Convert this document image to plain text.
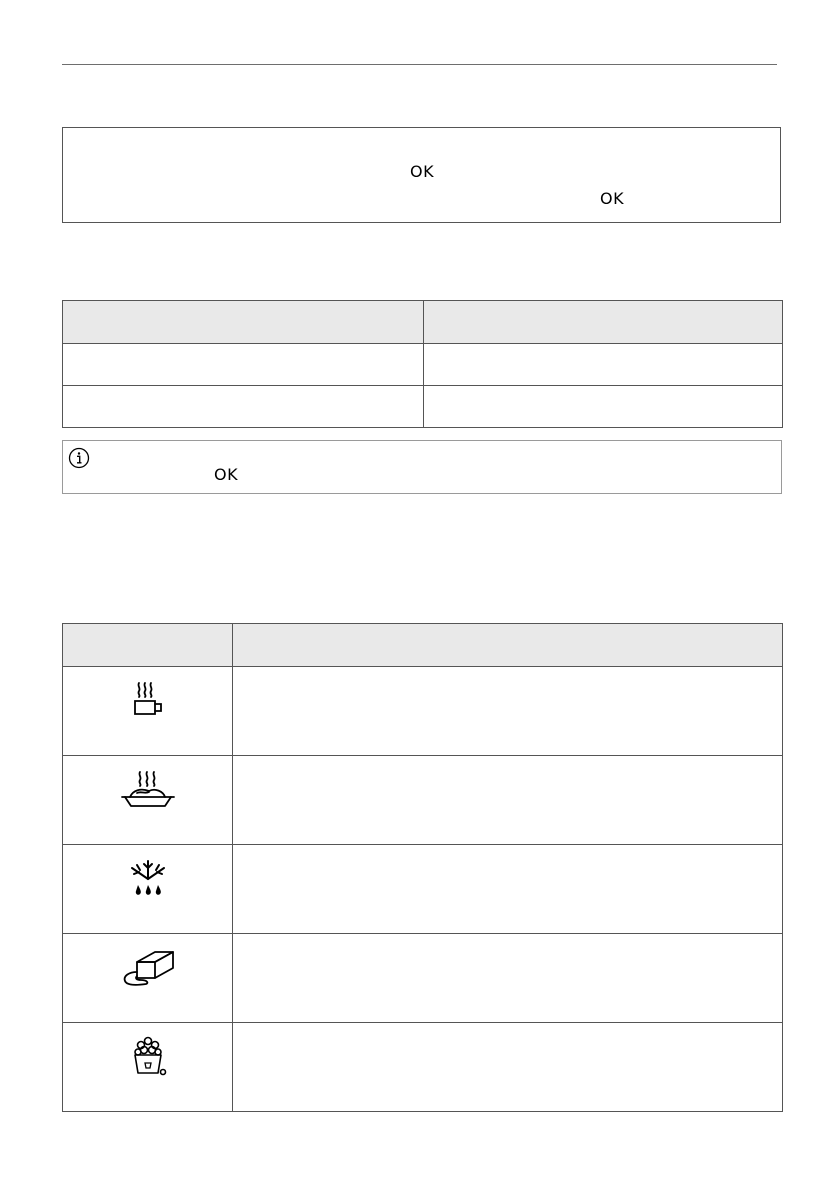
OK
OK

OK
